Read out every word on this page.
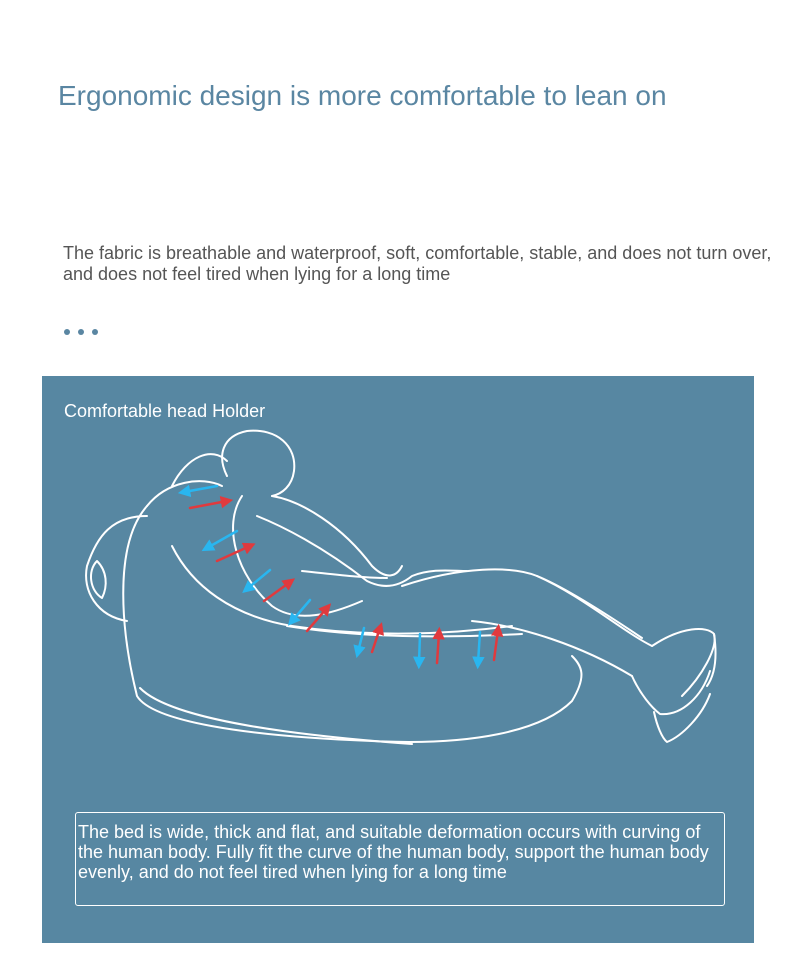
Ergonomic design is more comfortable to lean on

The fabric is breathable and waterproof, soft, comfortable, stable, and does not turn over, and does not feel tired when lying for a long time

Comfortable head Holder

The bed is wide, thick and flat, and suitable deformation occurs with curving of the human body. Fully fit the curve of the human body, support the human body evenly, and do not feel tired when lying for a long time
